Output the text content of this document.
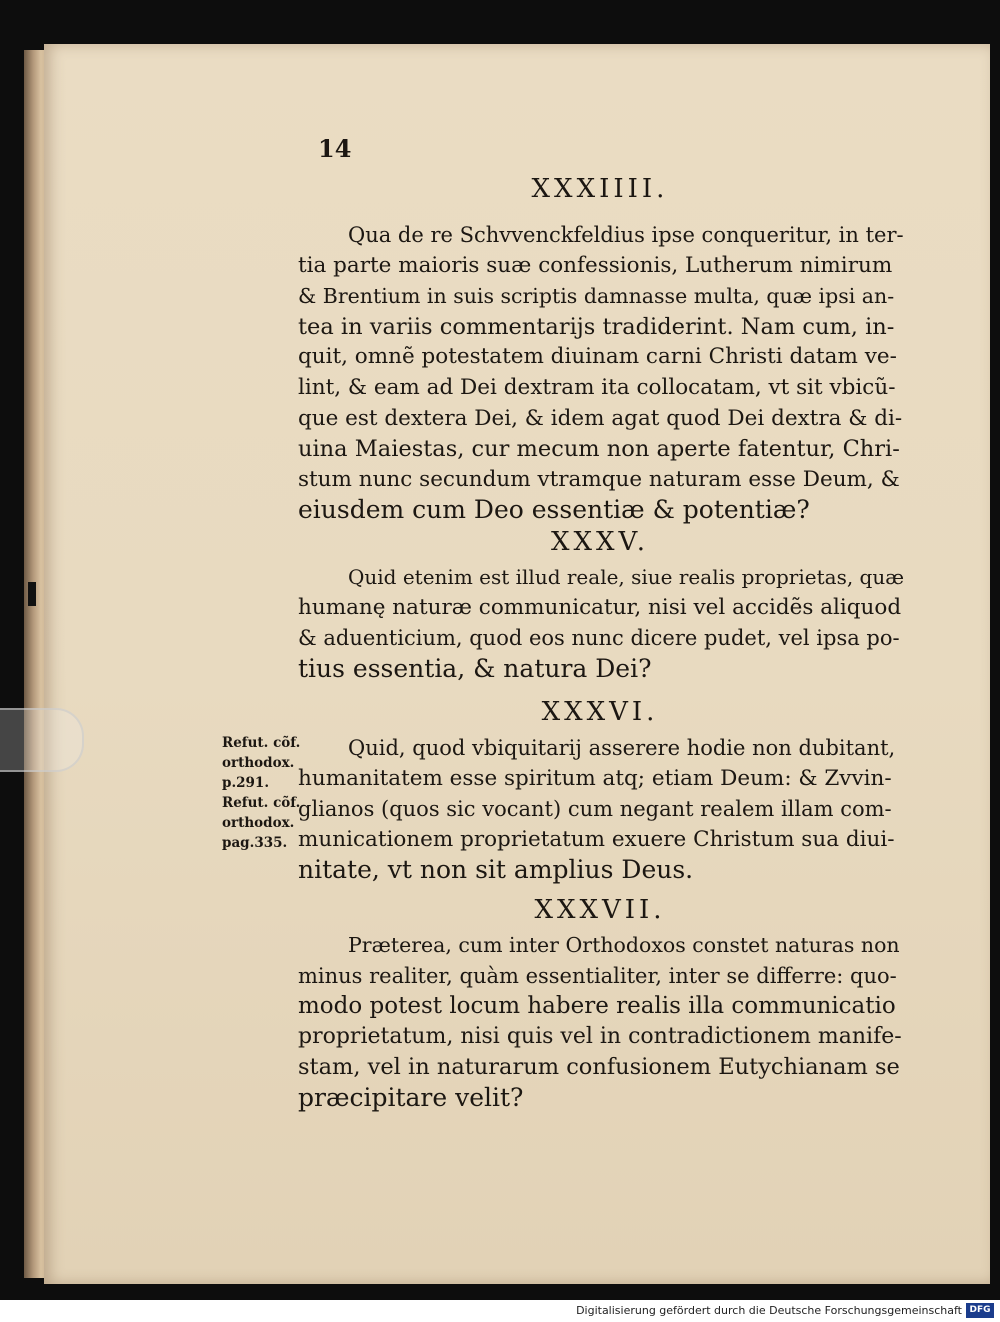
14
XXXIIII.
Qua de re Schvvenckfeldius ipse conqueritur, in ter-
tia parte maioris suæ confessionis, Lutherum nimirum
& Brentium in suis scriptis damnasse multa, quæ ipsi an-
tea in variis commentarijs tradiderint. Nam cum, in-
quit, omnẽ potestatem diuinam carni Christi datam ve-
lint, & eam ad Dei dextram ita collocatam, vt sit vbicũ-
que est dextera Dei, & idem agat quod Dei dextra & di-
uina Maiestas, cur mecum non aperte fatentur, Chri-
stum nunc secundum vtramque naturam esse Deum, &
eiusdem cum Deo essentiæ & potentiæ?
XXXV.
Quid etenim est illud reale, siue realis proprietas, quæ
humanę naturæ communicatur, nisi vel accidẽs aliquod
& aduenticium, quod eos nunc dicere pudet, vel ipsa po-
tius essentia, & natura Dei?
XXXVI.
Quid, quod vbiquitarij asserere hodie non dubitant,
humanitatem esse spiritum atq; etiam Deum: & Zvvin-
glianos (quos sic vocant) cum negant realem illam com-
municationem proprietatum exuere Christum sua diui-
nitate, vt non sit amplius Deus.
Refut. cõf.
orthodox.
p.291.
Refut. cõf.
orthodox.
pag.335.
XXXVII.
Præterea, cum inter Orthodoxos constet naturas non
minus realiter, quàm essentialiter, inter se differre: quo-
modo potest locum habere realis illa communicatio
proprietatum, nisi quis vel in contradictionem manife-
stam, vel in naturarum confusionem Eutychianam se
præcipitare velit?
Digitalisierung gefördert durch die Deutsche Forschungsgemeinschaft DFG
